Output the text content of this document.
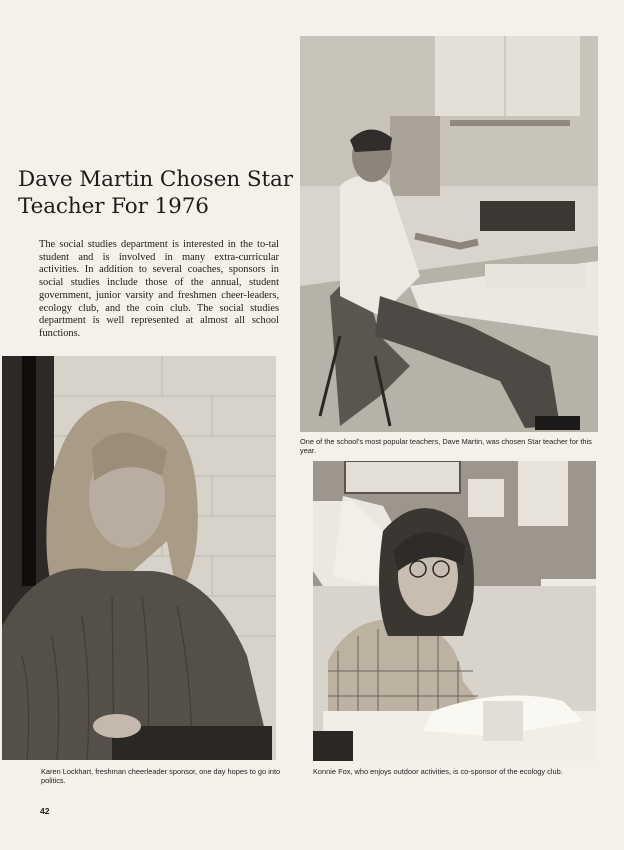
Dave Martin Chosen Star
Teacher For 1976

The social studies department is interested in the to-tal student and is involved in many extra-curricular activities. In addition to several coaches, sponsors in social studies include those of the annual, student government, junior varsity and freshmen cheer-leaders, ecology club, and the coin club. The social studies department is well represented at almost all school functions.

One of the school's most popular teachers, Dave Martin, was chosen Star teacher for this year.

Karen Lockhart, freshman cheerleader sponsor, one day hopes to go into politics.

Konnie Fox, who enjoys outdoor activities, is co-sponsor of the ecology club.

42
